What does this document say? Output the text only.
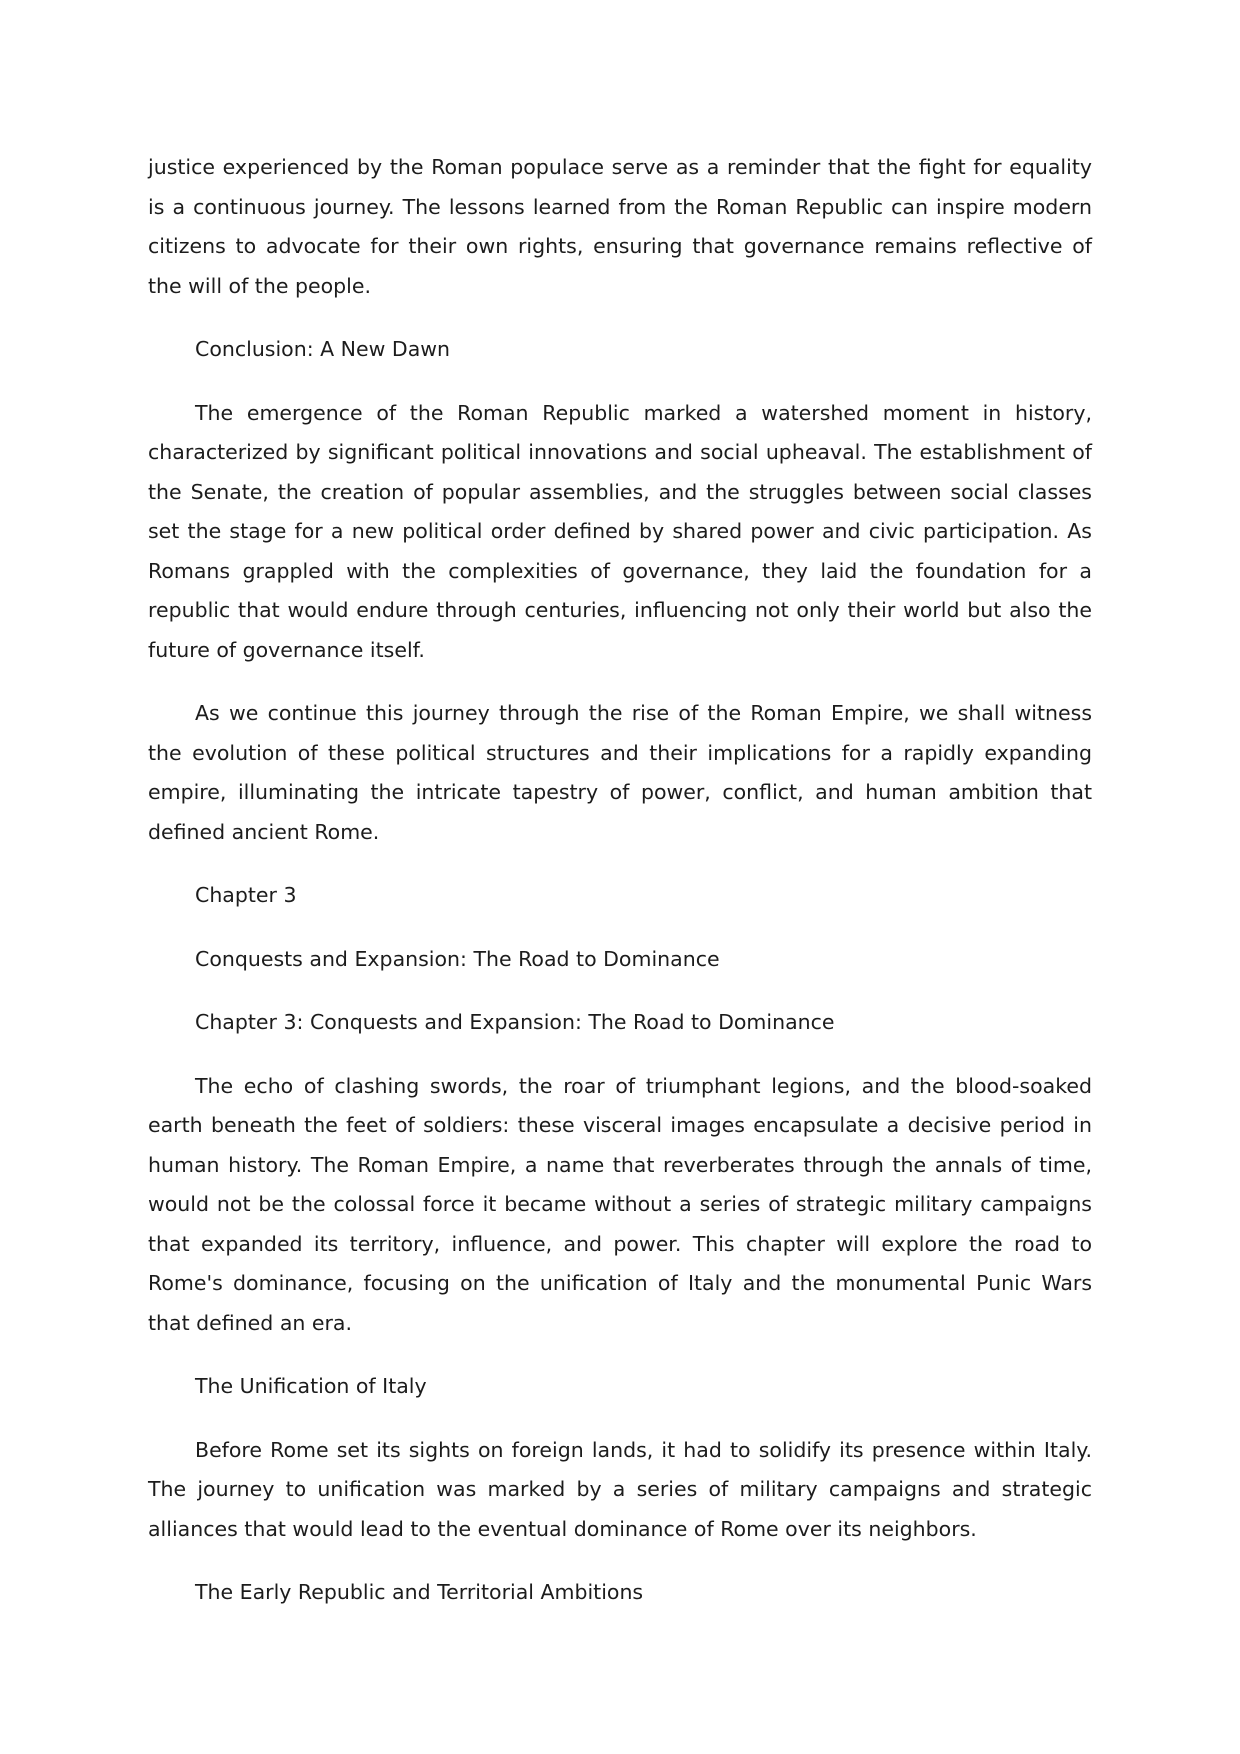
justice experienced by the Roman populace serve as a reminder that the fight for equality is a continuous journey. The lessons learned from the Roman Republic can inspire modern citizens to advocate for their own rights, ensuring that governance remains reflective of the will of the people.

Conclusion: A New Dawn

The emergence of the Roman Republic marked a watershed moment in history, characterized by significant political innovations and social upheaval. The establishment of the Senate, the creation of popular assemblies, and the struggles between social classes set the stage for a new political order defined by shared power and civic participation. As Romans grappled with the complexities of governance, they laid the foundation for a republic that would endure through centuries, influencing not only their world but also the future of governance itself.

As we continue this journey through the rise of the Roman Empire, we shall witness the evolution of these political structures and their implications for a rapidly expanding empire, illuminating the intricate tapestry of power, conflict, and human ambition that defined ancient Rome.

Chapter 3

Conquests and Expansion: The Road to Dominance

Chapter 3: Conquests and Expansion: The Road to Dominance

The echo of clashing swords, the roar of triumphant legions, and the blood-soaked earth beneath the feet of soldiers: these visceral images encapsulate a decisive period in human history. The Roman Empire, a name that reverberates through the annals of time, would not be the colossal force it became without a series of strategic military campaigns that expanded its territory, influence, and power. This chapter will explore the road to Rome's dominance, focusing on the unification of Italy and the monumental Punic Wars that defined an era.

The Unification of Italy

Before Rome set its sights on foreign lands, it had to solidify its presence within Italy. The journey to unification was marked by a series of military campaigns and strategic alliances that would lead to the eventual dominance of Rome over its neighbors.

The Early Republic and Territorial Ambitions
